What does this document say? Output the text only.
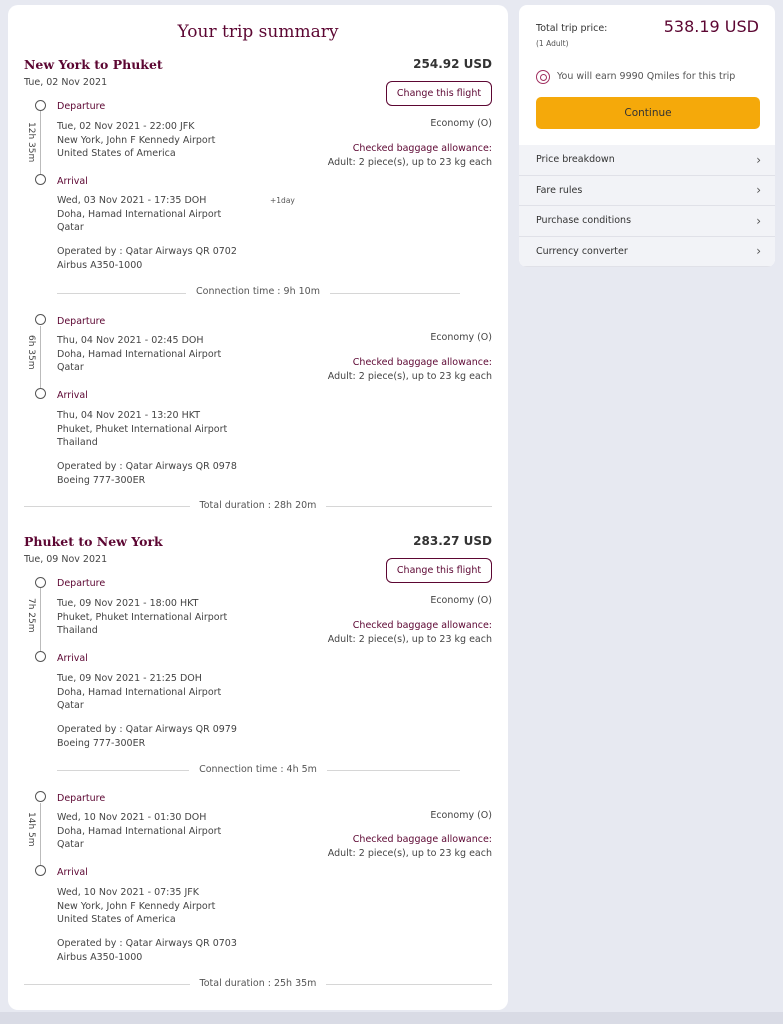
Your trip summary
New York to Phuket
Tue, 02 Nov 2021
254.92 USD
Change this flight
12h 35m
Departure
Tue, 02 Nov 2021 - 22:00 JFK
New York, John F Kennedy Airport
United States of America
Economy (O)
Checked baggage allowance:
Adult: 2 piece(s), up to 23 kg each
Arrival
Wed, 03 Nov 2021 - 17:35 DOH	+1day
Doha, Hamad International Airport
Qatar
Operated by : Qatar Airways QR 0702
Airbus A350-1000
Connection time : 9h 10m
6h 35m
Departure
Thu, 04 Nov 2021 - 02:45 DOH
Doha, Hamad International Airport
Qatar
Economy (O)
Checked baggage allowance:
Adult: 2 piece(s), up to 23 kg each
Arrival
Thu, 04 Nov 2021 - 13:20 HKT
Phuket, Phuket International Airport
Thailand
Operated by : Qatar Airways QR 0978
Boeing 777-300ER
Total duration : 28h 20m
Phuket to New York
Tue, 09 Nov 2021
283.27 USD
Change this flight
7h 25m
Departure
Tue, 09 Nov 2021 - 18:00 HKT
Phuket, Phuket International Airport
Thailand
Economy (O)
Checked baggage allowance:
Adult: 2 piece(s), up to 23 kg each
Arrival
Tue, 09 Nov 2021 - 21:25 DOH
Doha, Hamad International Airport
Qatar
Operated by : Qatar Airways QR 0979
Boeing 777-300ER
Connection time : 4h 5m
14h 5m
Departure
Wed, 10 Nov 2021 - 01:30 DOH
Doha, Hamad International Airport
Qatar
Economy (O)
Checked baggage allowance:
Adult: 2 piece(s), up to 23 kg each
Arrival
Wed, 10 Nov 2021 - 07:35 JFK
New York, John F Kennedy Airport
United States of America
Operated by : Qatar Airways QR 0703
Airbus A350-1000
Total duration : 25h 35m
Total trip price:
(1 Adult)
538.19 USD
You will earn 9990 Qmiles for this trip
Continue
Price breakdown	›
Fare rules	›
Purchase conditions	›
Currency converter	›
